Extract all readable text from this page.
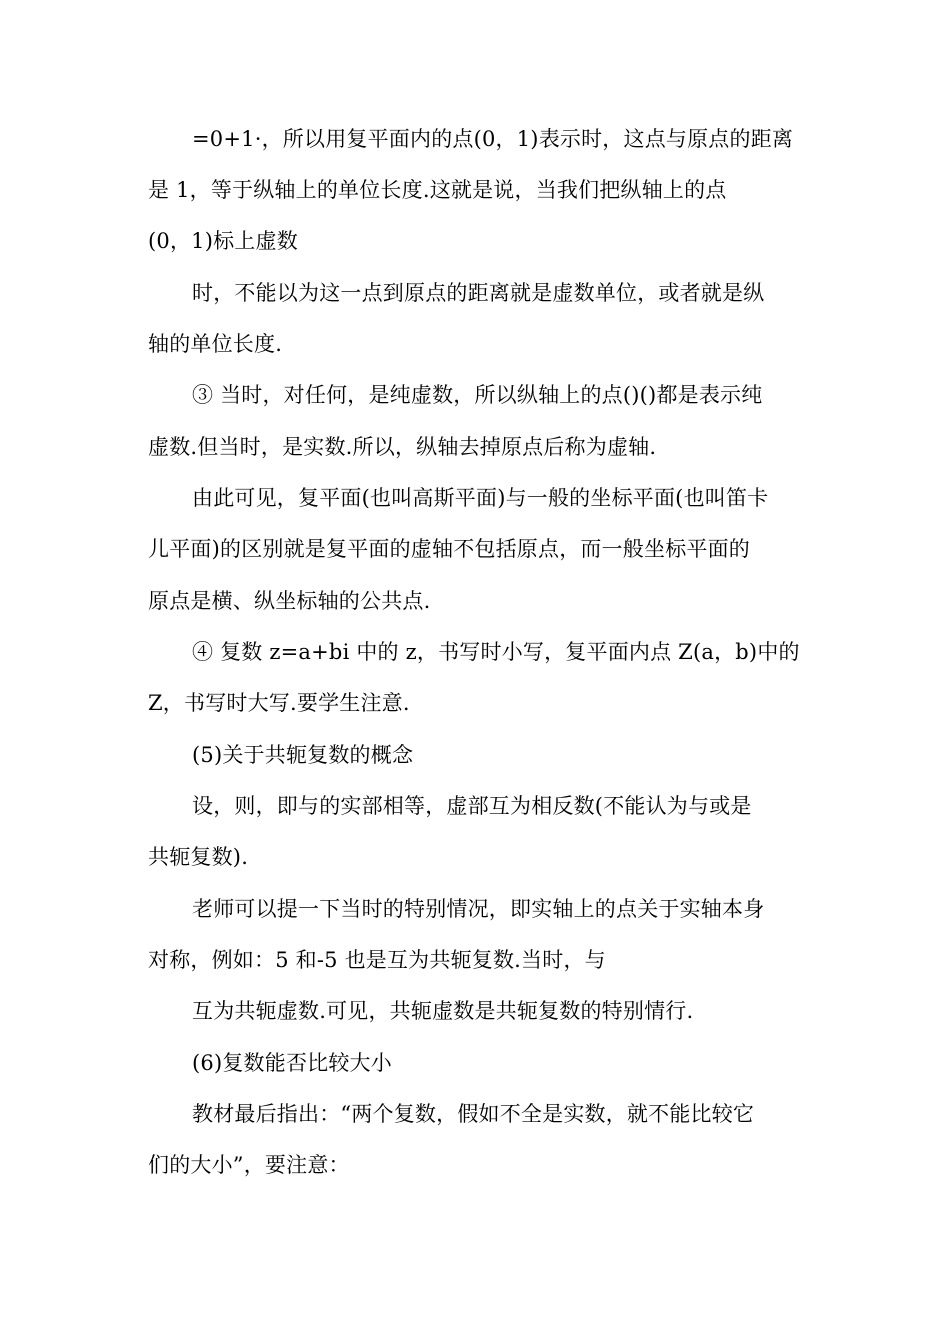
=0+1·，所以用复平面内的点(0，1)表示时，这点与原点的距离
是 1，等于纵轴上的单位长度.这就是说，当我们把纵轴上的点
(0，1)标上虚数
时，不能以为这一点到原点的距离就是虚数单位，或者就是纵
轴的单位长度.
③ 当时，对任何，是纯虚数，所以纵轴上的点()()都是表示纯
虚数.但当时，是实数.所以，纵轴去掉原点后称为虚轴.
由此可见，复平面(也叫高斯平面)与一般的坐标平面(也叫笛卡
儿平面)的区别就是复平面的虚轴不包括原点，而一般坐标平面的
原点是横、纵坐标轴的公共点.
④ 复数 z=a+bi 中的 z，书写时小写，复平面内点 Z(a，b)中的
Z，书写时大写.要学生注意.
(5)关于共轭复数的概念
设，则，即与的实部相等，虚部互为相反数(不能认为与或是
共轭复数).
老师可以提一下当时的特别情况，即实轴上的点关于实轴本身
对称，例如：5 和-5 也是互为共轭复数.当时，与
互为共轭虚数.可见，共轭虚数是共轭复数的特别情行.
(6)复数能否比较大小
教材最后指出：“两个复数，假如不全是实数，就不能比较它
们的大小”，要注意：
